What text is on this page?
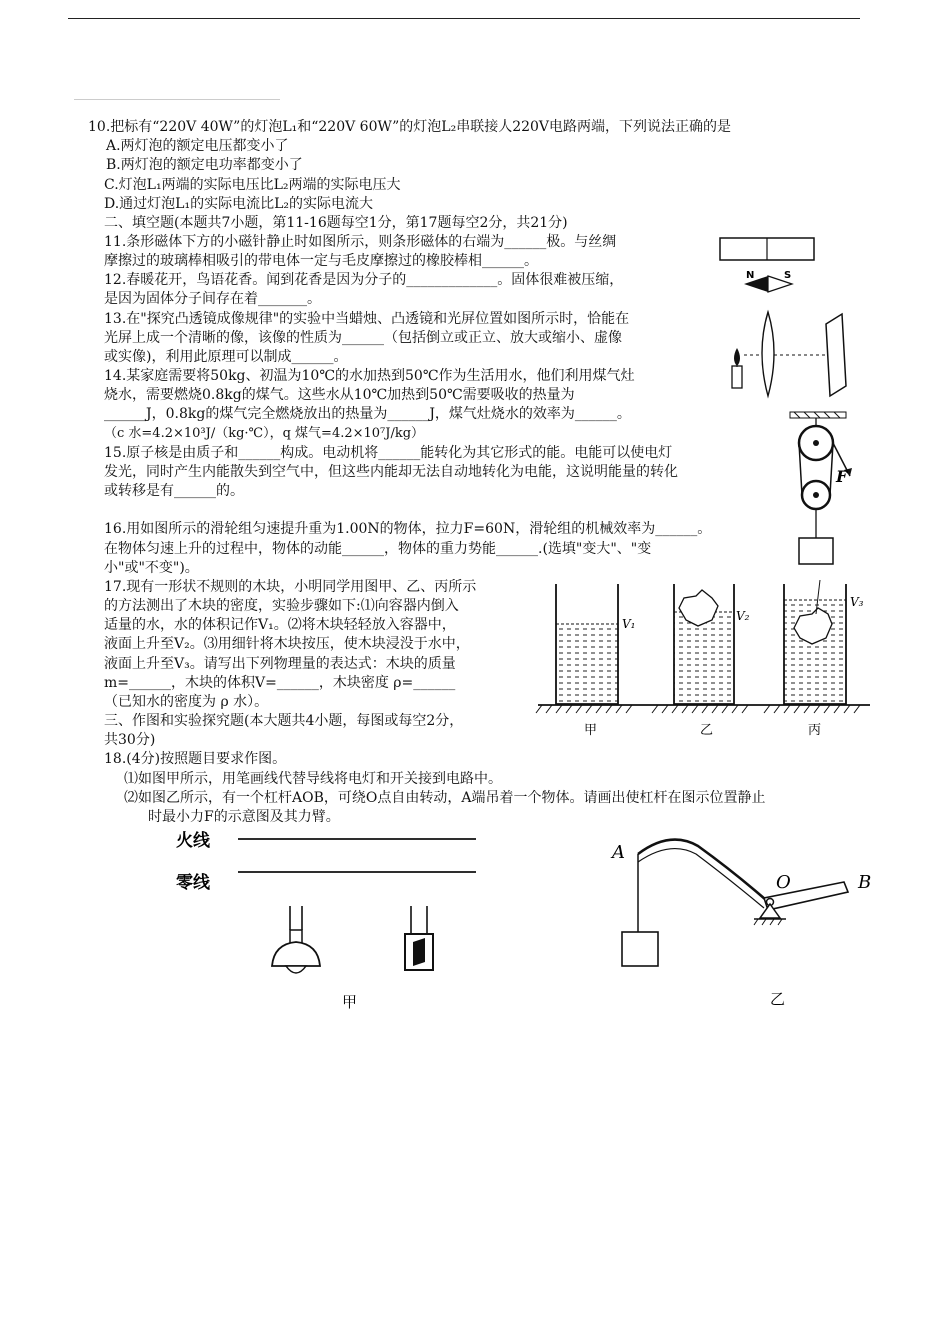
10.把标有“220V 40W”的灯泡L₁和“220V 60W”的灯泡L₂串联接人220V电路两端，下列说法正确的是
A.两灯泡的额定电压都变小了
B.两灯泡的额定电功率都变小了
C.灯泡L₁两端的实际电压比L₂两端的实际电压大
D.通过灯泡L₁的实际电流比L₂的实际电流大
二、填空题(本题共7小题，第11-16题每空1分，第17题每空2分，共21分)
11.条形磁体下方的小磁针静止时如图所示，则条形磁体的右端为______极。与丝绸
摩擦过的玻璃棒相吸引的带电体一定与毛皮摩擦过的橡胶棒相______。
12.春暖花开，鸟语花香。闻到花香是因为分子的_____________。固体很难被压缩，
是因为固体分子间存在着_______。
13.在"探究凸透镜成像规律"的实验中当蜡烛、凸透镜和光屏位置如图所示时，恰能在
光屏上成一个清晰的像，该像的性质为______（包括倒立或正立、放大或缩小、虚像
或实像)，利用此原理可以制成______。
14.某家庭需要将50kg、初温为10℃的水加热到50℃作为生活用水，他们利用煤气灶
烧水，需要燃烧0.8kg的煤气。这些水从10℃加热到50℃需要吸收的热量为
______J，0.8kg的煤气完全燃烧放出的热量为______J，煤气灶烧水的效率为______。
（c 水=4.2×10³J/（kg·℃），q 煤气=4.2×10⁷J/kg）
15.原子核是由质子和______构成。电动机将______能转化为其它形式的能。电能可以使电灯
发光，同时产生内能散失到空气中，但这些内能却无法自动地转化为电能，这说明能量的转化
或转移是有______的。
16.用如图所示的滑轮组匀速提升重为1.00N的物体，拉力F=60N，滑轮组的机械效率为______。
在物体匀速上升的过程中，物体的动能______，物体的重力势能______.(选填"变大"、"变
小"或"不变")。
17.现有一形状不规则的木块，小明同学用图甲、乙、丙所示
的方法测出了木块的密度，实验步骤如下:⑴向容器内倒入
适量的水，水的体积记作V₁。⑵将木块轻轻放入容器中，
液面上升至V₂。⑶用细针将木块按压，使木块浸没于水中，
液面上升至V₃。请写出下列物理量的表达式：木块的质量
m=______，木块的体积V=______，木块密度 ρ=______
（已知水的密度为 ρ 水）。
三、作图和实验探究题(本大题共4小题，每图或每空2分，
共30分)
18.(4分)按照题目要求作图。
⑴如图甲所示，用笔画线代替导线将电灯和开关接到电路中。
⑵如图乙所示，有一个杠杆AOB，可绕O点自由转动，A端吊着一个物体。请画出使杠杆在图示位置静止
时最小力F的示意图及其力臂。
N	S
F
V₁
V₂
V₃
甲	乙	丙
火线
零线
甲
A
O	B
乙
